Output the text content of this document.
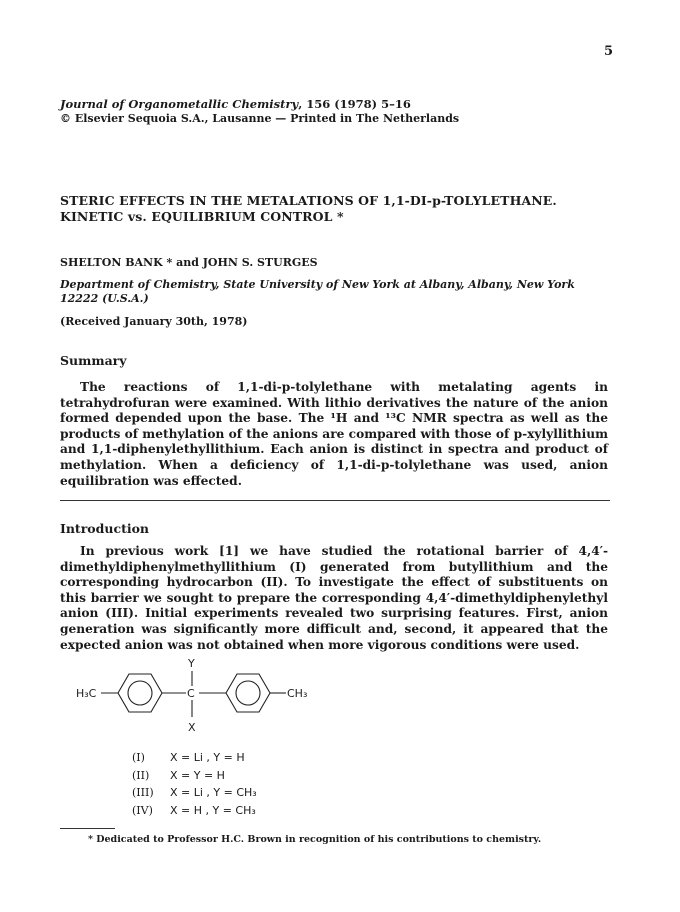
5
Journal of Organometallic Chemistry, 156 (1978) 5–16
© Elsevier Sequoia S.A., Lausanne — Printed in The Netherlands
STERIC EFFECTS IN THE METALATIONS OF 1,1-DI-p-TOLYLETHANE.
KINETIC vs. EQUILIBRIUM CONTROL *
SHELTON BANK * and JOHN S. STURGES
Department of Chemistry, State University of New York at Albany, Albany, New York
12222 (U.S.A.)
(Received January 30th, 1978)
Summary

The reactions of 1,1-di-p-tolylethane with metalating agents in tetrahydrofuran were examined. With lithio derivatives the nature of the anion formed depended upon the base. The ¹H and ¹³C NMR spectra as well as the products of methylation of the anions are compared with those of p-xylyllithium and 1,1-diphenylethyllithium. Each anion is distinct in spectra and product of methylation. When a deficiency of 1,1-di-p-tolylethane was used, anion equilibration was effected.

Introduction

In previous work [1] we have studied the rotational barrier of 4,4′-dimethyldiphenylmethyllithium (I) generated from butyllithium and the corresponding hydrocarbon (II). To investigate the effect of substituents on this barrier we sought to prepare the corresponding 4,4′-dimethyldiphenylethyl anion (III). Initial experiments revealed two surprising features. First, anion generation was significantly more difficult and, second, it appeared that the expected anion was not obtained when more vigorous conditions were used.

H₃C	C	CH₃
Y
X
(I)	X = Li , Y = H
(II)	X = Y = H
(III)	X = Li , Y = CH₃
(IV)	X = H , Y = CH₃
* Dedicated to Professor H.C. Brown in recognition of his contributions to chemistry.
